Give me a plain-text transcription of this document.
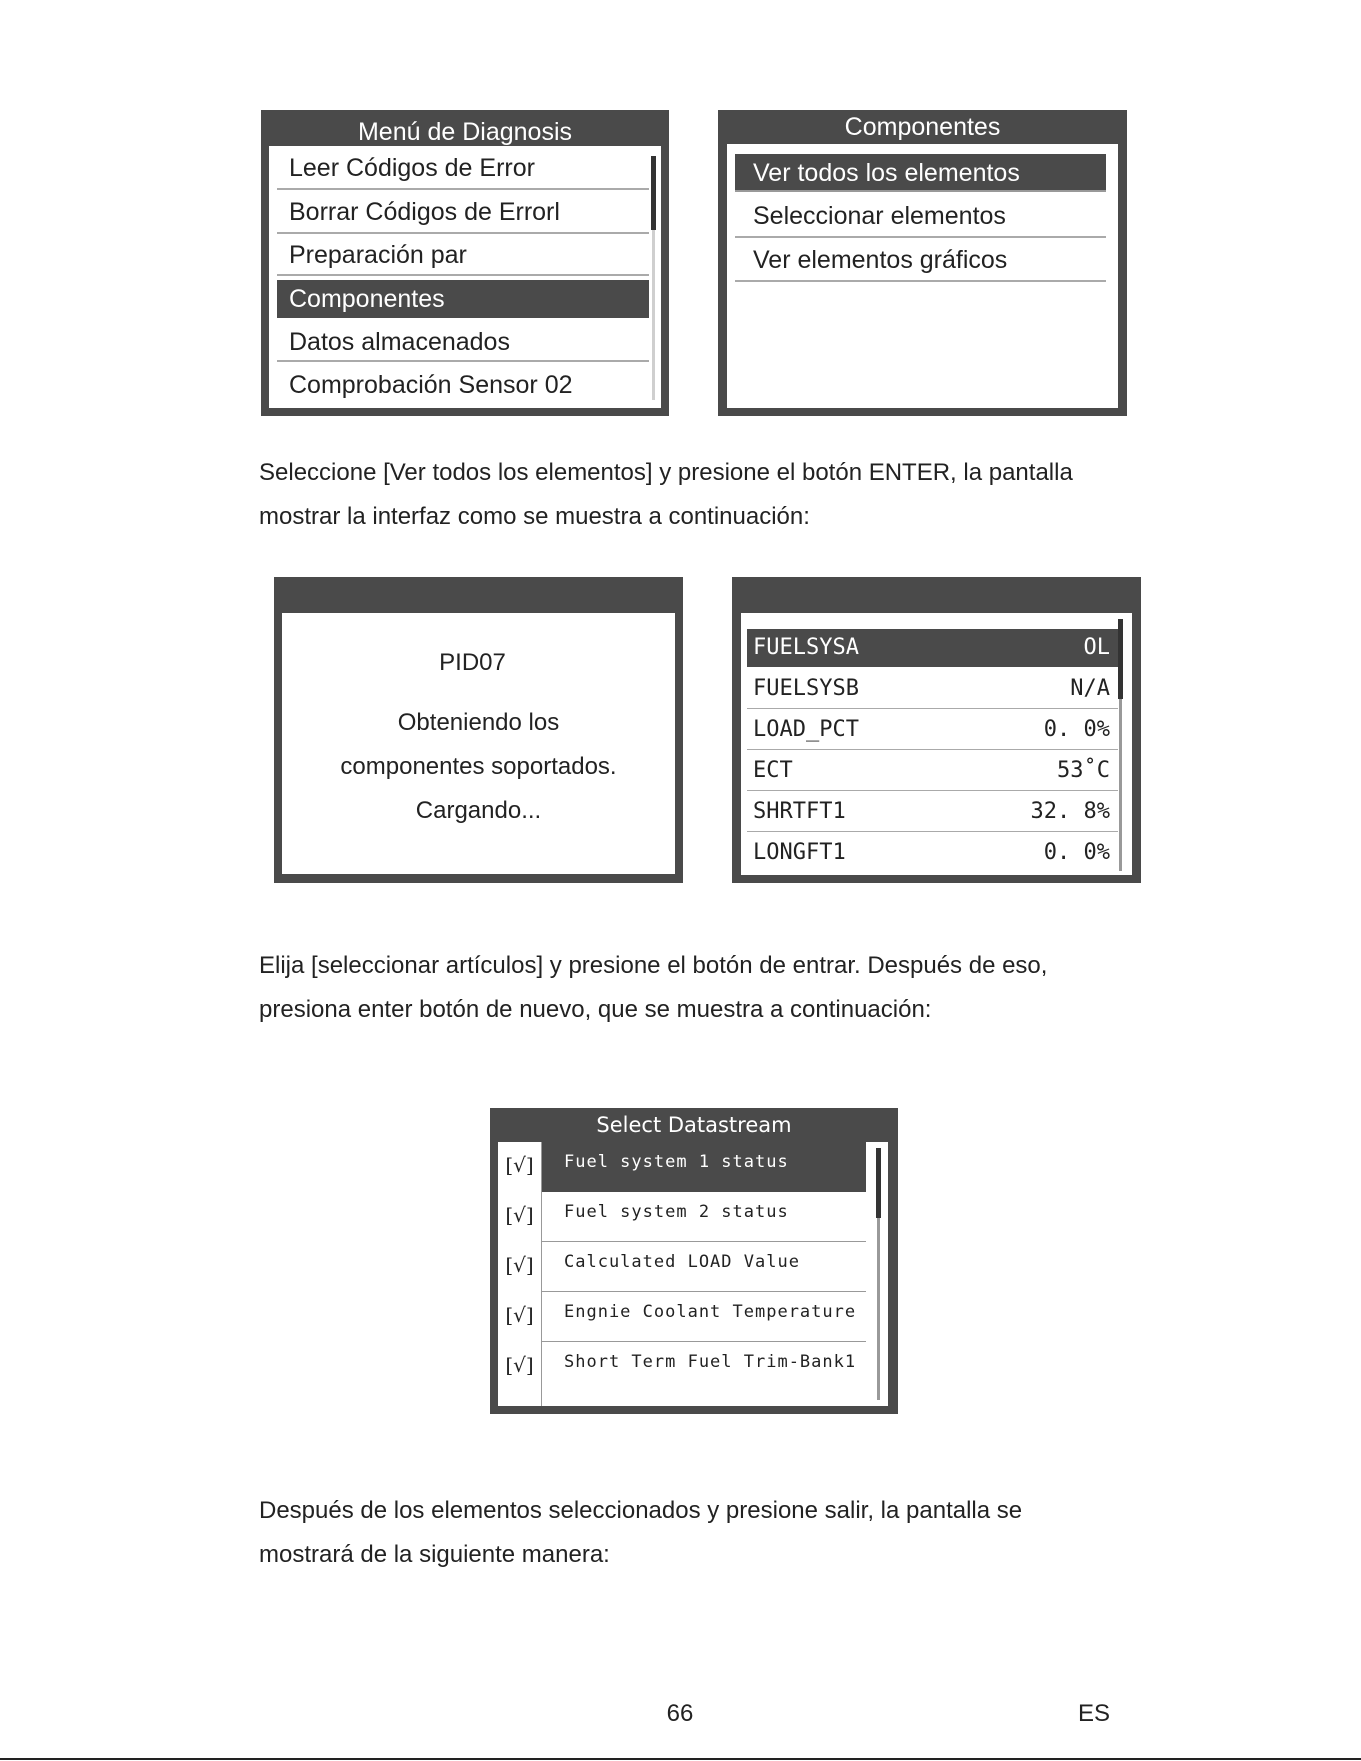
Menú de Diagnosis
Leer Códigos de Error
Borrar Códigos de Errorl
Preparación par
Componentes
Datos almacenados
Comprobación Sensor 02
Componentes
Ver todos los elementos
Seleccionar elementos
Ver elementos gráficos
Seleccione [Ver todos los elementos] y presione el botón ENTER, la pantalla
mostrar la interfaz como se muestra a continuación:
PID07
Obteniendo los
componentes soportados.
Cargando...
FUELSYSA	OL
FUELSYSB	N/A
LOAD_PCT	0. 0%
ECT	53˚C
SHRTFT1	32. 8%
LONGFT1	0. 0%
Elija [seleccionar artículos] y presione el botón de entrar. Después de eso,
presiona enter botón de nuevo, que se muestra a continuación:
Select Datastream
[√]	Fuel system 1 status
[√]	Fuel system 2 status
[√]	Calculated LOAD Value
[√]	Engnie Coolant Temperature
[√]	Short Term Fuel Trim-Bank1
Después de los elementos seleccionados y presione salir, la pantalla se
mostrará de la siguiente manera:
66	ES
